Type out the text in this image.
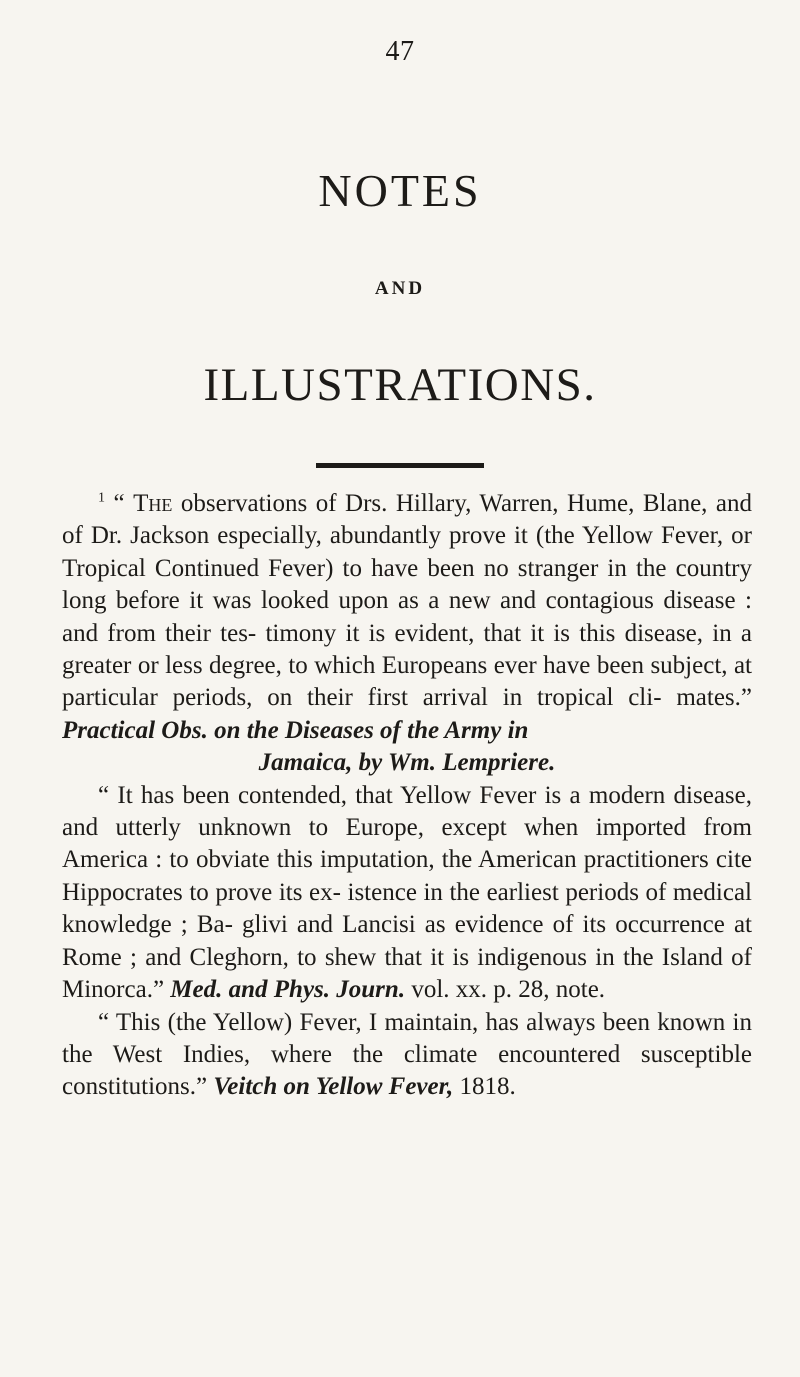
47
NOTES
AND
ILLUSTRATIONS.

$^1$ “ The observations of Drs. Hillary, Warren, Hume, Blane, and of Dr. Jackson especially, abundantly prove it (the Yellow Fever, or Tropical Continued Fever) to have been no stranger in the country long before it was looked upon as a new and contagious disease : and from their tes- timony it is evident, that it is this disease, in a greater or less degree, to which Europeans ever have been subject, at particular periods, on their first arrival in tropical cli- mates.” Practical Obs. on the Diseases of the Army in
Jamaica, by Wm. Lempriere.

“ It has been contended, that Yellow Fever is a modern disease, and utterly unknown to Europe, except when imported from America : to obviate this imputation, the American practitioners cite Hippocrates to prove its ex- istence in the earliest periods of medical knowledge ; Ba- glivi and Lancisi as evidence of its occurrence at Rome ; and Cleghorn, to shew that it is indigenous in the Island of Minorca.” Med. and Phys. Journ. vol. xx. p. 28, note.

“ This (the Yellow) Fever, I maintain, has always been known in the West Indies, where the climate encountered susceptible constitutions.” Veitch on Yellow Fever, 1818.
